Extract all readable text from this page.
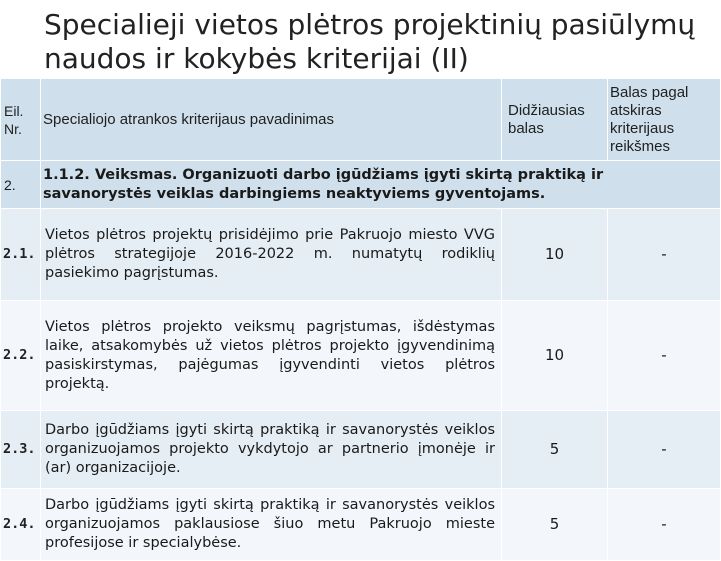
Specialieji vietos plėtros projektinių pasiūlymų naudos ir kokybės kriterijai (II)
Eil. Nr.	Specialiojo atrankos kriterijaus pavadinimas	Didžiausias balas	Balas pagal atskiras kriterijaus reikšmes
2.	1.1.2. Veiksmas. Organizuoti darbo įgūdžiams įgyti skirtą praktiką ir savanorystės veiklas darbingiems neaktyviems gyventojams.		
2.1.	Vietos plėtros projektų prisidėjimo prie Pakruojo miesto VVG plėtros strategijoje 2016-2022 m. numatytų rodiklių pasiekimo pagrįstumas.	10	-
2.2.	Vietos plėtros projekto veiksmų pagrįstumas, išdėstymas laike, atsakomybės už vietos plėtros projekto įgyvendinimą pasiskirstymas, pajėgumas įgyvendinti vietos plėtros projektą.	10	-
2.3.	Darbo įgūdžiams įgyti skirtą praktiką ir savanorystės veiklos organizuojamos projekto vykdytojo ar partnerio įmonėje ir (ar) organizacijoje.	5	-
2.4.	Darbo įgūdžiams įgyti skirtą praktiką ir savanorystės veiklos organizuojamos paklausiose šiuo metu Pakruojo mieste profesijose ir specialybėse.	5	-
